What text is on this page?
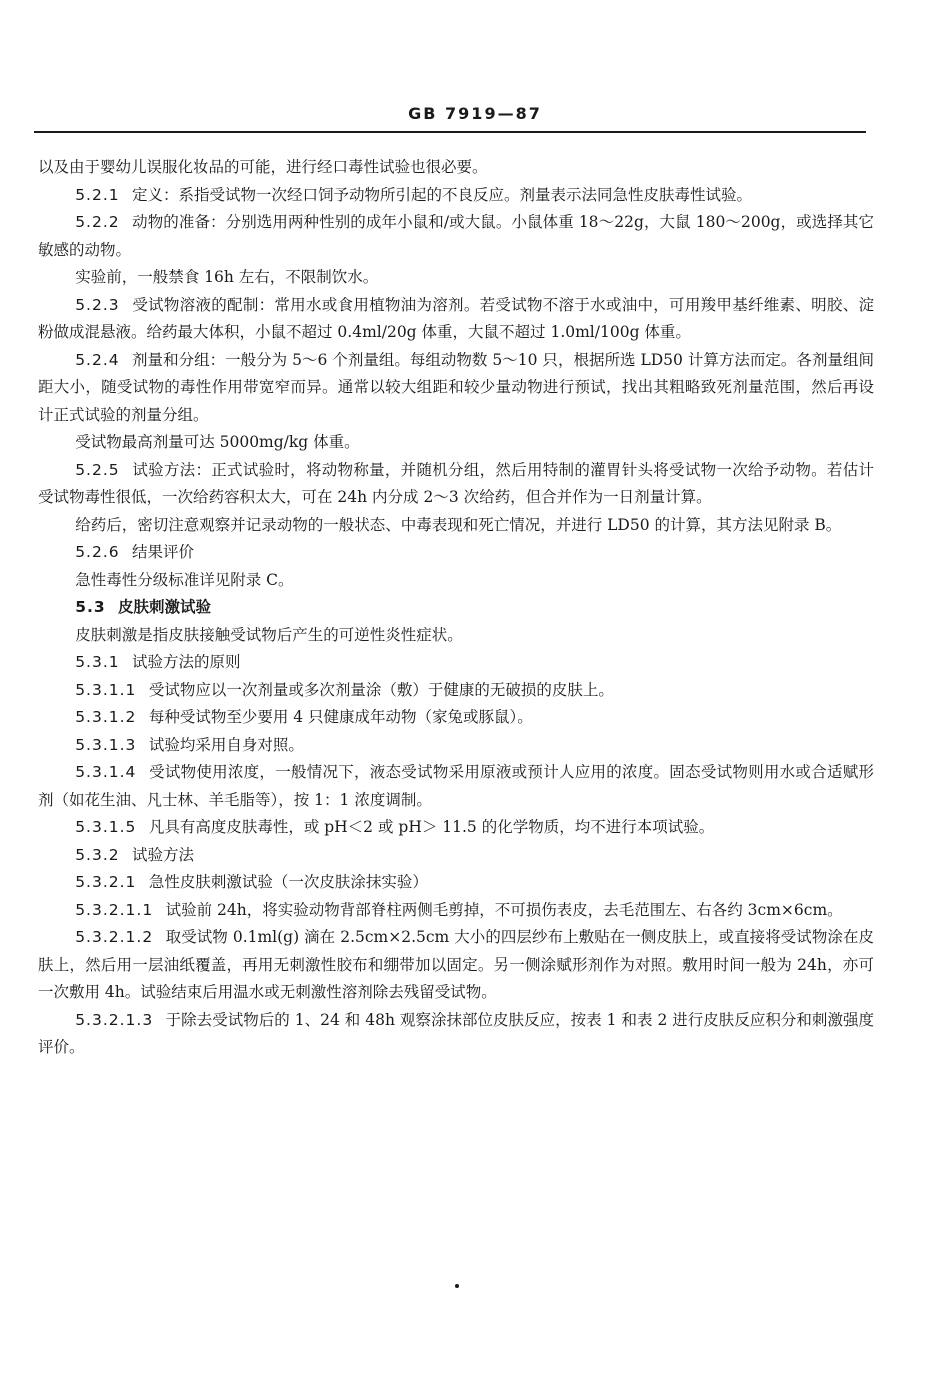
GB 7919—87

以及由于婴幼儿误服化妆品的可能，进行经口毒性试验也很必要。

5.2.1 定义：系指受试物一次经口饲予动物所引起的不良反应。剂量表示法同急性皮肤毒性试验。

5.2.2 动物的准备：分别选用两种性别的成年小鼠和/或大鼠。小鼠体重 18～22g，大鼠 180～200g，或选择其它敏感的动物。

实验前，一般禁食 16h 左右，不限制饮水。

5.2.3 受试物溶液的配制：常用水或食用植物油为溶剂。若受试物不溶于水或油中，可用羧甲基纤维素、明胶、淀粉做成混悬液。给药最大体积，小鼠不超过 0.4ml/20g 体重，大鼠不超过 1.0ml/100g 体重。

5.2.4 剂量和分组：一般分为 5～6 个剂量组。每组动物数 5～10 只，根据所选 LD50 计算方法而定。各剂量组间距大小，随受试物的毒性作用带宽窄而异。通常以较大组距和较少量动物进行预试，找出其粗略致死剂量范围，然后再设计正式试验的剂量分组。

受试物最高剂量可达 5000mg/kg 体重。

5.2.5 试验方法：正式试验时，将动物称量，并随机分组，然后用特制的灌胃针头将受试物一次给予动物。若估计受试物毒性很低，一次给药容积太大，可在 24h 内分成 2～3 次给药，但合并作为一日剂量计算。

给药后，密切注意观察并记录动物的一般状态、中毒表现和死亡情况，并进行 LD50 的计算，其方法见附录 B。

5.2.6 结果评价

急性毒性分级标准详见附录 C。

5.3 皮肤刺激试验

皮肤刺激是指皮肤接触受试物后产生的可逆性炎性症状。

5.3.1 试验方法的原则

5.3.1.1 受试物应以一次剂量或多次剂量涂（敷）于健康的无破损的皮肤上。

5.3.1.2 每种受试物至少要用 4 只健康成年动物（家兔或豚鼠）。

5.3.1.3 试验均采用自身对照。

5.3.1.4 受试物使用浓度，一般情况下，液态受试物采用原液或预计人应用的浓度。固态受试物则用水或合适赋形剂（如花生油、凡士林、羊毛脂等），按 1：1 浓度调制。

5.3.1.5 凡具有高度皮肤毒性，或 pH＜2 或 pH＞ 11.5 的化学物质，均不进行本项试验。

5.3.2 试验方法

5.3.2.1 急性皮肤刺激试验（一次皮肤涂抹实验）

5.3.2.1.1 试验前 24h，将实验动物背部脊柱两侧毛剪掉，不可损伤表皮，去毛范围左、右各约 3cm×6cm。

5.3.2.1.2 取受试物 0.1ml(g) 滴在 2.5cm×2.5cm 大小的四层纱布上敷贴在一侧皮肤上，或直接将受试物涂在皮肤上，然后用一层油纸覆盖，再用无刺激性胶布和绷带加以固定。另一侧涂赋形剂作为对照。敷用时间一般为 24h，亦可一次敷用 4h。试验结束后用温水或无刺激性溶剂除去残留受试物。

5.3.2.1.3 于除去受试物后的 1、24 和 48h 观察涂抹部位皮肤反应，按表 1 和表 2 进行皮肤反应积分和刺激强度评价。
